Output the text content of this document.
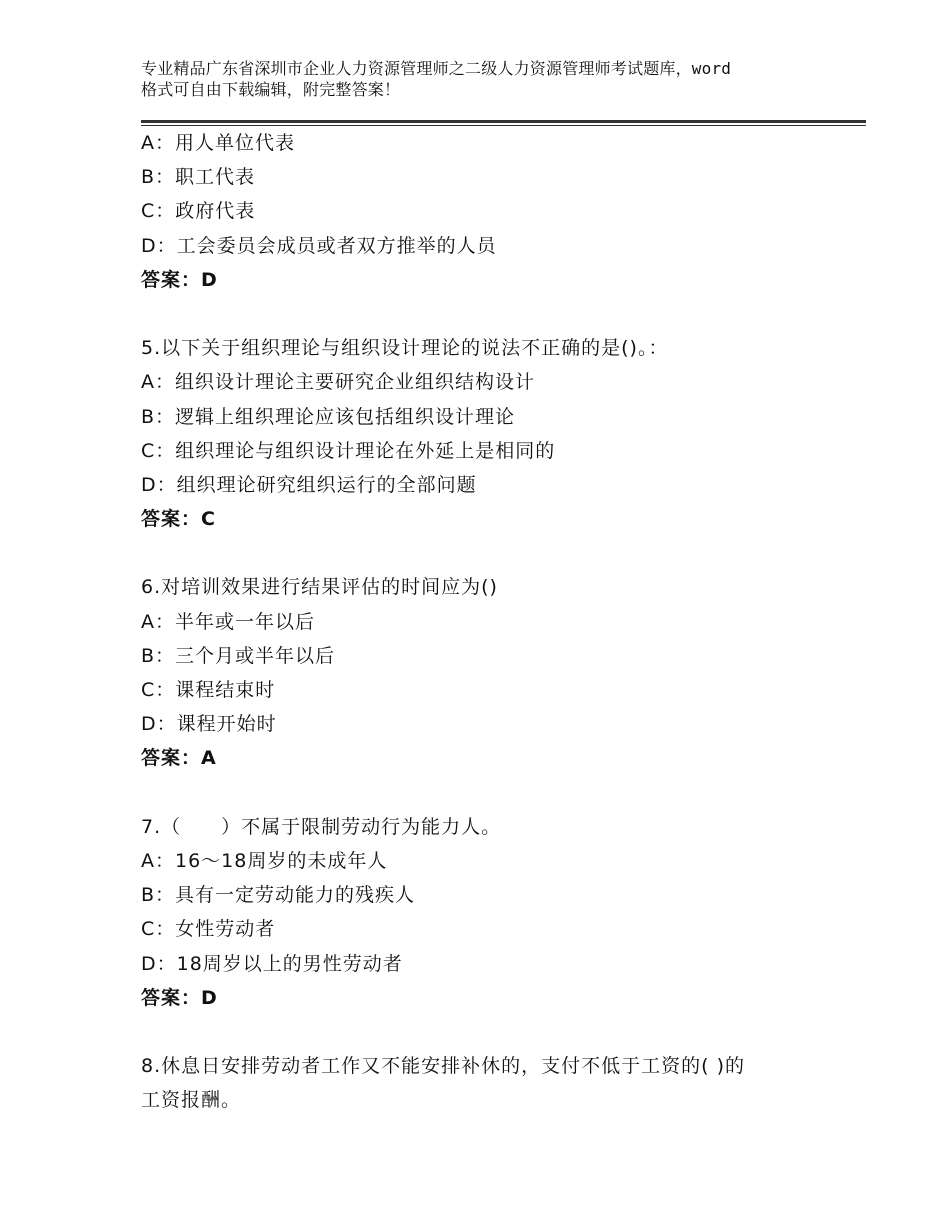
专业精品广东省深圳市企业人力资源管理师之二级人力资源管理师考试题库，word
格式可自由下载编辑，附完整答案！
A：用人单位代表
B：职工代表
C：政府代表
D：工会委员会成员或者双方推举的人员
答案：D
5.以下关于组织理论与组织设计理论的说法不正确的是()。：
A：组织设计理论主要研究企业组织结构设计
B：逻辑上组织理论应该包括组织设计理论
C：组织理论与组织设计理论在外延上是相同的
D：组织理论研究组织运行的全部问题
答案：C
6.对培训效果进行结果评估的时间应为()
A：半年或一年以后
B：三个月或半年以后
C：课程结束时
D：课程开始时
答案：A
7.（　　）不属于限制劳动行为能力人。
A：16～18周岁的未成年人
B：具有一定劳动能力的残疾人
C：女性劳动者
D：18周岁以上的男性劳动者
答案：D
8.休息日安排劳动者工作又不能安排补休的，支付不低于工资的( )的
工资报酬。
